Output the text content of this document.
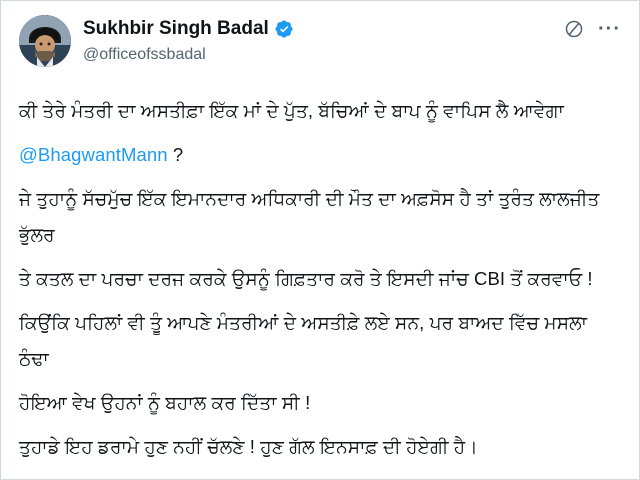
Sukhbir Singh Badal
@officeofssbadal
···

ਕੀ ਤੇਰੇ ਮੰਤਰੀ ਦਾ ਅਸਤੀਫ਼ਾ ਇੱਕ ਮਾਂ ਦੇ ਪੁੱਤ, ਬੱਚਿਆਂ ਦੇ ਬਾਪ ਨੂੰ ਵਾਪਿਸ ਲੈ ਆਵੇਗਾ

@BhagwantMann ?

ਜੇ ਤੁਹਾਨੂੰ ਸੱਚਮੁੱਚ ਇੱਕ ਇਮਾਨਦਾਰ ਅਧਿਕਾਰੀ ਦੀ ਮੌਤ ਦਾ ਅਫ਼ਸੋਸ ਹੈ ਤਾਂ ਤੁਰੰਤ ਲਾਲਜੀਤ ਭੁੱਲਰ

ਤੇ ਕਤਲ ਦਾ ਪਰਚਾ ਦਰਜ ਕਰਕੇ ਉਸਨੂੰ ਗਿਫ਼ਤਾਰ ਕਰੋ ਤੇ ਇਸਦੀ ਜਾਂਚ CBI ਤੋਂ ਕਰਵਾਓ !

ਕਿਉਂਕਿ ਪਹਿਲਾਂ ਵੀ ਤੂੰ ਆਪਣੇ ਮੰਤਰੀਆਂ ਦੇ ਅਸਤੀਫ਼ੇ ਲਏ ਸਨ, ਪਰ ਬਾਅਦ ਵਿੱਚ ਮਸਲਾ ਠੰਢਾ

ਹੋਇਆ ਵੇਖ ਉਹਨਾਂ ਨੂੰ ਬਹਾਲ ਕਰ ਦਿੱਤਾ ਸੀ !

ਤੁਹਾਡੇ ਇਹ ਡਰਾਮੇ ਹੁਣ ਨਹੀਂ ਚੱਲਣੇ ! ਹੁਣ ਗੱਲ ਇਨਸਾਫ਼ ਦੀ ਹੋਏਗੀ ਹੈ।
